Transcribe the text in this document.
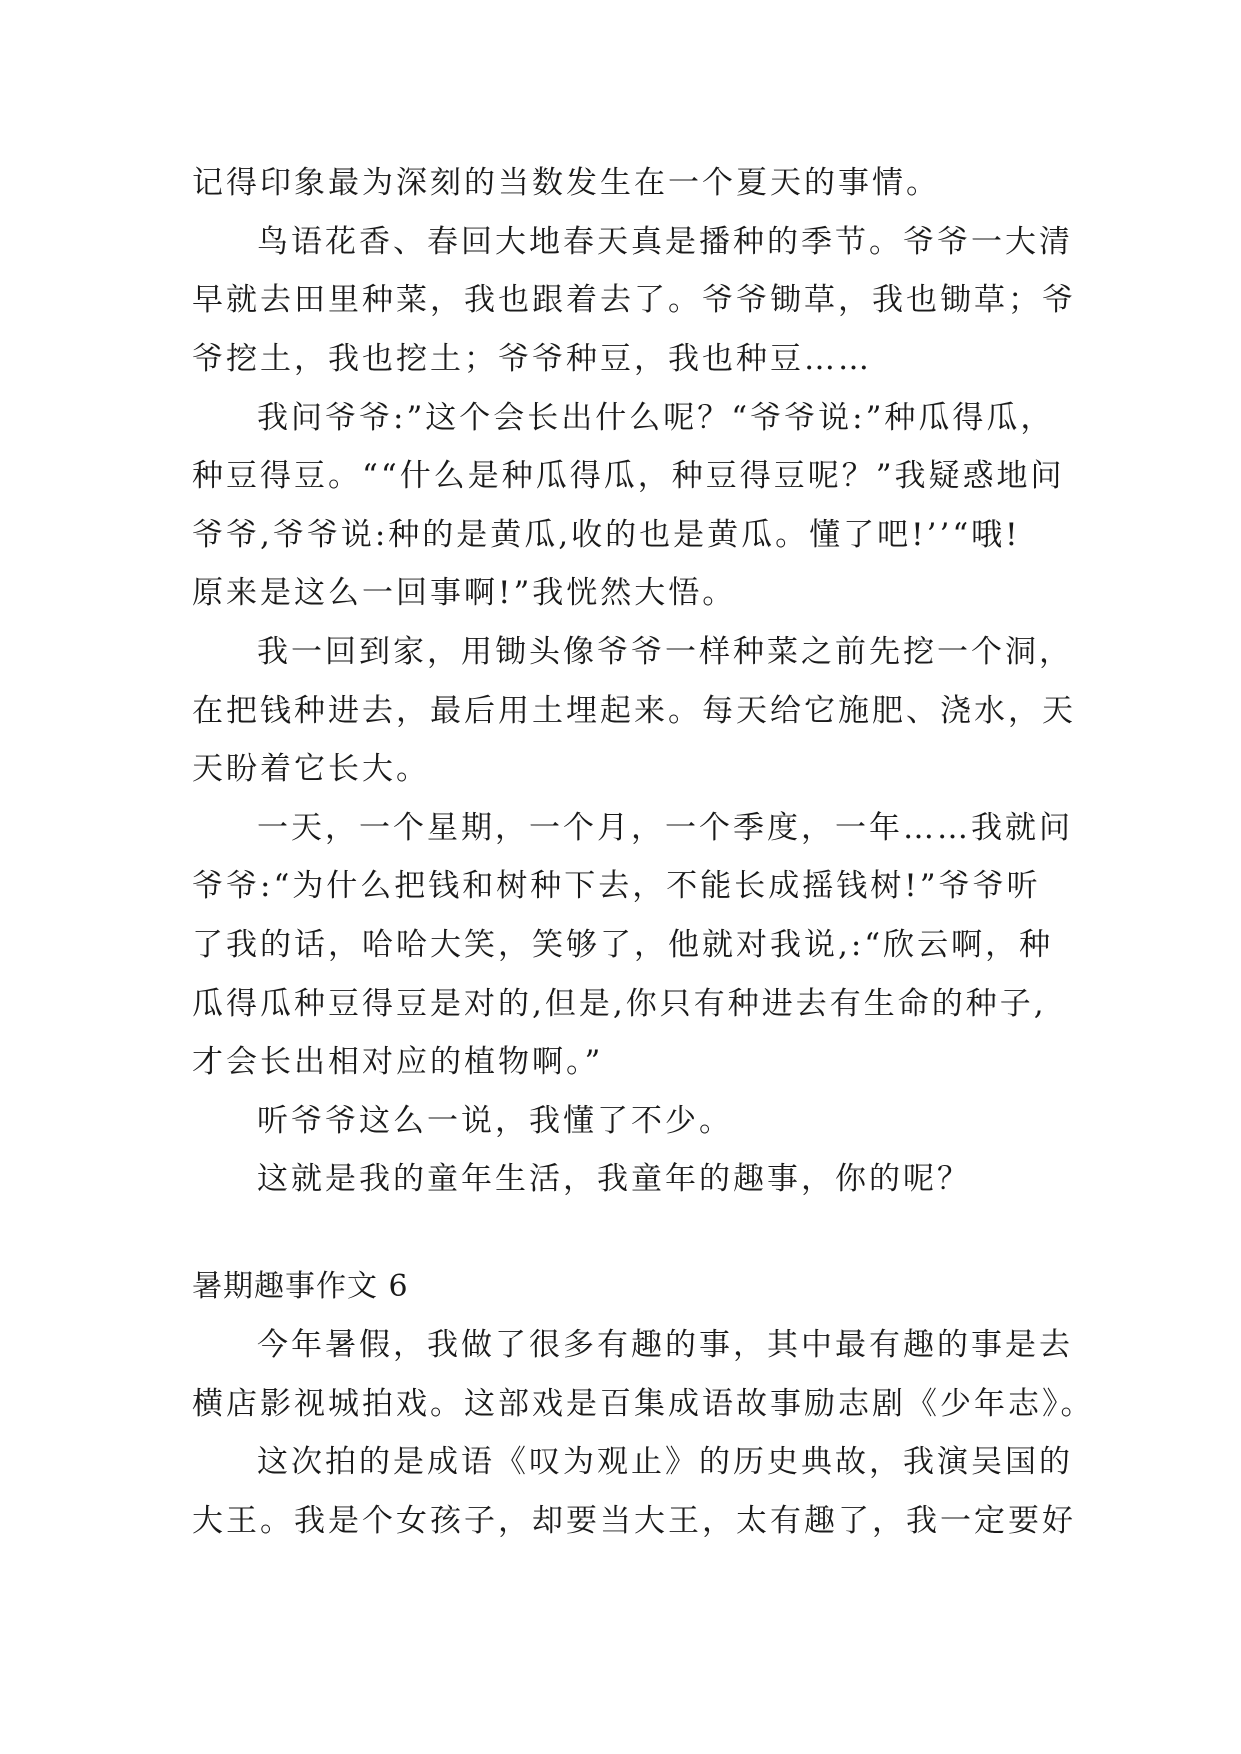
记得印象最为深刻的当数发生在一个夏天的事情。
鸟语花香、春回大地春天真是播种的季节。爷爷一大清
早就去田里种菜，我也跟着去了。爷爷锄草，我也锄草；爷
爷挖土，我也挖土；爷爷种豆，我也种豆……
我问爷爷:”这个会长出什么呢？“爷爷说:”种瓜得瓜，
种豆得豆。““什么是种瓜得瓜，种豆得豆呢？”我疑惑地问
爷爷,爷爷说:种的是黄瓜,收的也是黄瓜。懂了吧!’’“哦!
原来是这么一回事啊!”我恍然大悟。
我一回到家，用锄头像爷爷一样种菜之前先挖一个洞，
在把钱种进去，最后用土埋起来。每天给它施肥、浇水，天
天盼着它长大。
一天，一个星期，一个月，一个季度，一年……我就问
爷爷:“为什么把钱和树种下去，不能长成摇钱树!”爷爷听
了我的话，哈哈大笑，笑够了，他就对我说,:“欣云啊，种
瓜得瓜种豆得豆是对的,但是,你只有种进去有生命的种子,
才会长出相对应的植物啊。”
听爷爷这么一说，我懂了不少。
这就是我的童年生活，我童年的趣事，你的呢？
暑期趣事作文 6
今年暑假，我做了很多有趣的事，其中最有趣的事是去
横店影视城拍戏。这部戏是百集成语故事励志剧《少年志》。
这次拍的是成语《叹为观止》的历史典故，我演吴国的
大王。我是个女孩子，却要当大王，太有趣了，我一定要好
